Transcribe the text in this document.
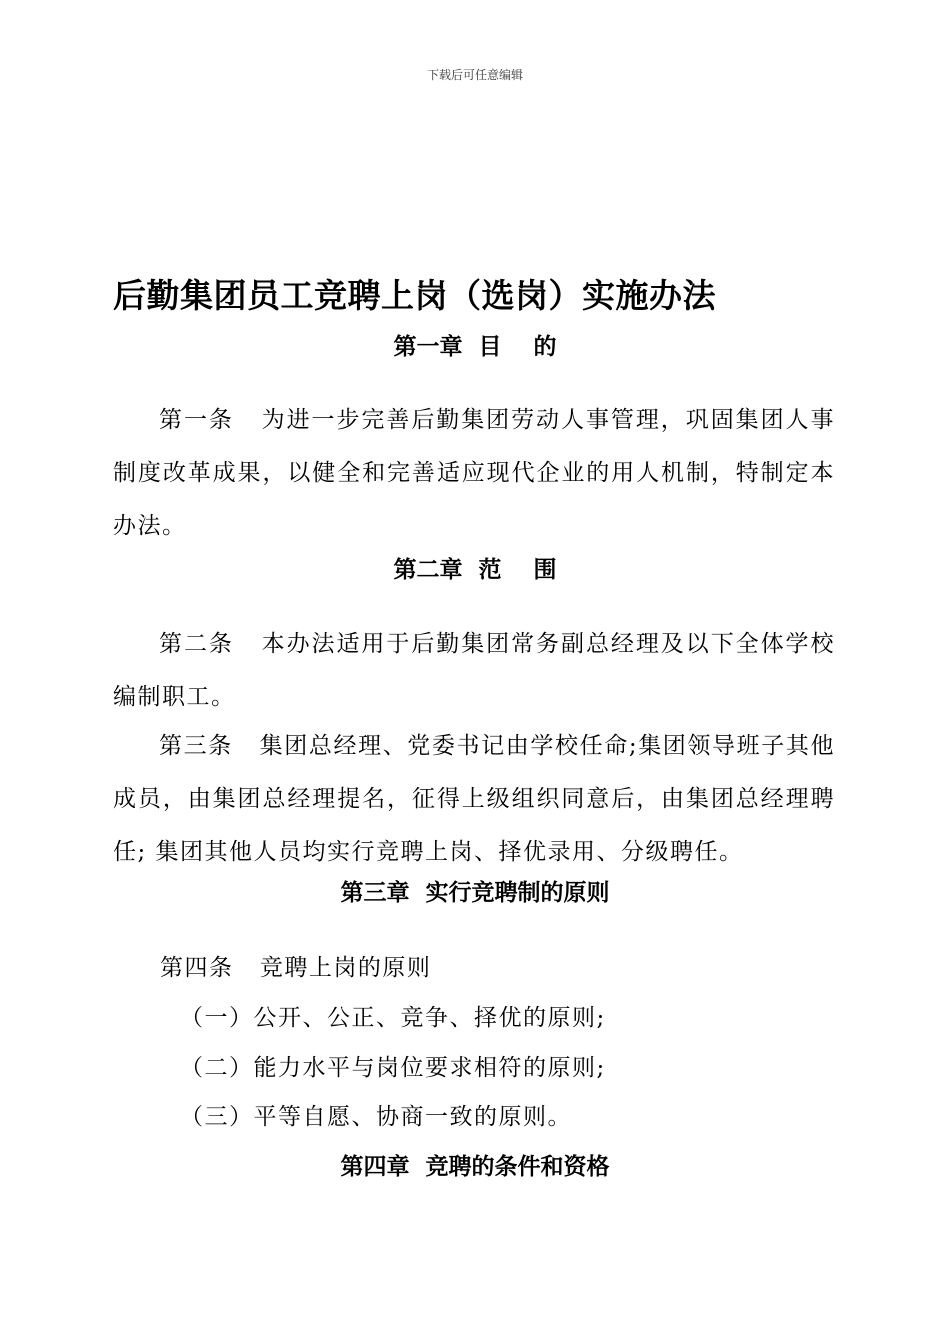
下载后可任意编辑
后勤集团员工竞聘上岗（选岗）实施办法
第一章  目    的
第一条   为进一步完善后勤集团劳动人事管理，巩固集团人事制度改革成果，以健全和完善适应现代企业的用人机制，特制定本办法。
第二章  范    围
第二条   本办法适用于后勤集团常务副总经理及以下全体学校编制职工。
第三条   集团总经理、党委书记由学校任命;集团领导班子其他成员，由集团总经理提名，征得上级组织同意后，由集团总经理聘任; 集团其他人员均实行竞聘上岗、择优录用、分级聘任。
第三章  实行竞聘制的原则
第四条   竞聘上岗的原则
（一）公开、公正、竞争、择优的原则;
（二）能力水平与岗位要求相符的原则;
（三）平等自愿、协商一致的原则。
第四章  竞聘的条件和资格
